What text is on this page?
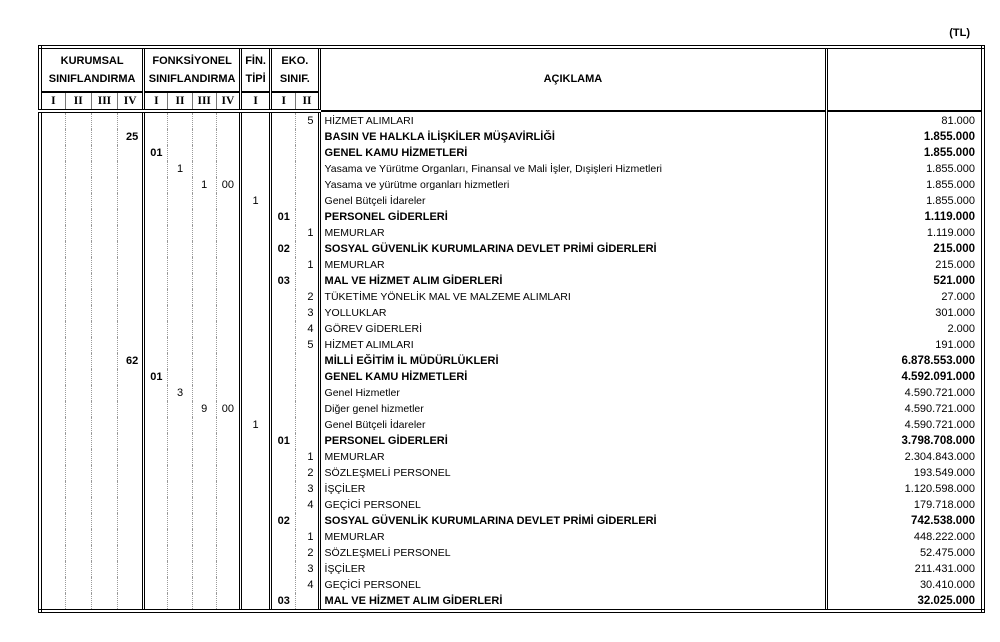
(TL)
KURUMSAL
SINIFLANDIRMA				FONKSİYONEL
SINIFLANDIRMA				FİN.
TİPİ	EKO.
SINIF.		AÇIKLAMA	
I	II	III	IV	I	II	III	IV	I	I	II		
										5	HİZMET ALIMLARI	81.000
			25								BASIN VE HALKLA İLİŞKİLER MÜŞAVİRLİĞİ	1.855.000
				01							GENEL KAMU HİZMETLERİ	1.855.000
					1						Yasama ve Yürütme Organları, Finansal ve Mali İşler, Dışişleri Hizmetleri	1.855.000
						1	00				Yasama ve yürütme organları hizmetleri	1.855.000
								1			Genel Bütçeli İdareler	1.855.000
									01		PERSONEL GİDERLERİ	1.119.000
										1	MEMURLAR	1.119.000
									02		SOSYAL GÜVENLİK KURUMLARINA DEVLET PRİMİ GİDERLERİ	215.000
										1	MEMURLAR	215.000
									03		MAL VE HİZMET ALIM GİDERLERİ	521.000
										2	TÜKETİME YÖNELİK MAL VE MALZEME ALIMLARI	27.000
										3	YOLLUKLAR	301.000
										4	GÖREV GİDERLERİ	2.000
										5	HİZMET ALIMLARI	191.000
			62								MİLLİ EĞİTİM İL MÜDÜRLÜKLERİ	6.878.553.000
				01							GENEL KAMU HİZMETLERİ	4.592.091.000
					3						Genel Hizmetler	4.590.721.000
						9	00				Diğer genel hizmetler	4.590.721.000
								1			Genel Bütçeli İdareler	4.590.721.000
									01		PERSONEL GİDERLERİ	3.798.708.000
										1	MEMURLAR	2.304.843.000
										2	SÖZLEŞMELİ PERSONEL	193.549.000
										3	İŞÇİLER	1.120.598.000
										4	GEÇİCİ PERSONEL	179.718.000
									02		SOSYAL GÜVENLİK KURUMLARINA DEVLET PRİMİ GİDERLERİ	742.538.000
										1	MEMURLAR	448.222.000
										2	SÖZLEŞMELİ PERSONEL	52.475.000
										3	İŞÇİLER	211.431.000
										4	GEÇİCİ PERSONEL	30.410.000
									03		MAL VE HİZMET ALIM GİDERLERİ	32.025.000
